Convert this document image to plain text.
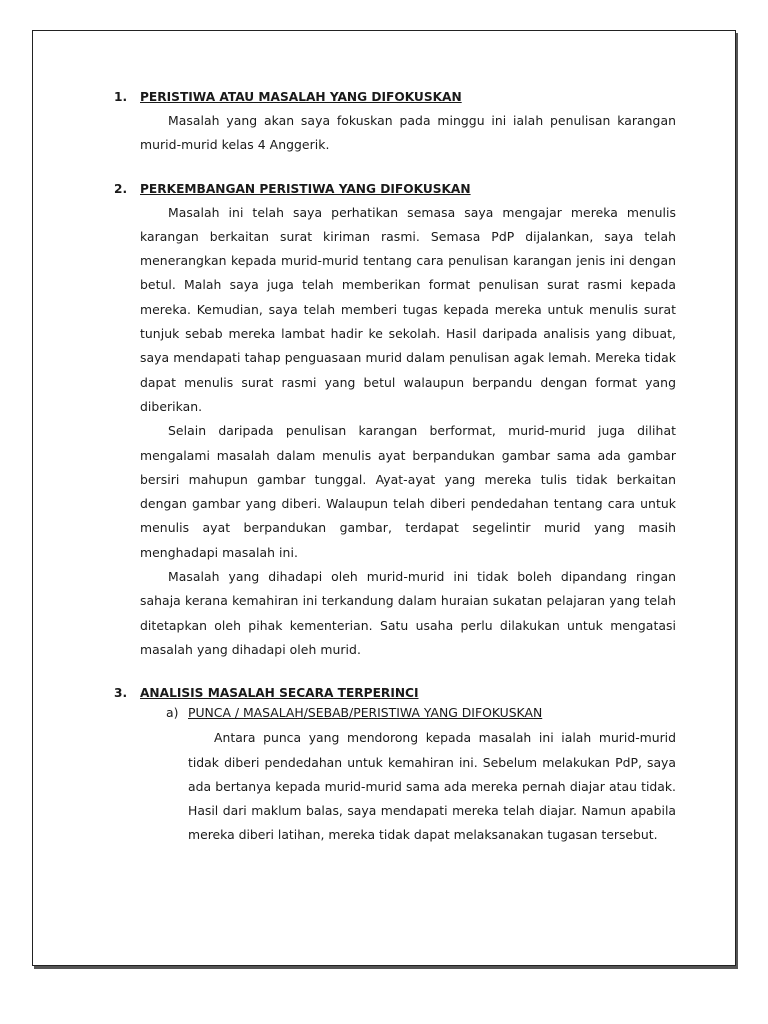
1.	PERISTIWA ATAU MASALAH YANG DIFOKUSKAN

Masalah yang akan saya fokuskan pada minggu ini ialah penulisan karangan murid-murid kelas 4 Anggerik.

2.	PERKEMBANGAN PERISTIWA YANG DIFOKUSKAN

Masalah ini telah saya perhatikan semasa saya mengajar mereka menulis karangan berkaitan surat kiriman rasmi. Semasa PdP dijalankan, saya telah menerangkan kepada murid-murid tentang cara penulisan karangan jenis ini dengan betul. Malah saya juga telah memberikan format penulisan surat rasmi kepada mereka. Kemudian, saya telah memberi tugas kepada mereka untuk menulis surat tunjuk sebab mereka lambat hadir ke sekolah. Hasil daripada analisis yang dibuat, saya mendapati tahap penguasaan murid dalam penulisan agak lemah. Mereka tidak dapat menulis surat rasmi yang betul walaupun berpandu dengan format yang diberikan.

Selain daripada penulisan karangan berformat, murid-murid juga dilihat mengalami masalah dalam menulis ayat berpandukan gambar sama ada gambar bersiri mahupun gambar tunggal. Ayat-ayat yang mereka tulis tidak berkaitan dengan gambar yang diberi. Walaupun telah diberi pendedahan tentang cara untuk menulis ayat berpandukan gambar, terdapat segelintir murid yang masih menghadapi masalah ini.

Masalah yang dihadapi oleh murid-murid ini tidak boleh dipandang ringan sahaja kerana kemahiran ini terkandung dalam huraian sukatan pelajaran yang telah ditetapkan oleh pihak kementerian. Satu usaha perlu dilakukan untuk mengatasi masalah yang dihadapi oleh murid.

3.	ANALISIS MASALAH SECARA TERPERINCI
a) PUNCA / MASALAH/SEBAB/PERISTIWA YANG DIFOKUSKAN

Antara punca yang mendorong kepada masalah ini ialah murid-murid tidak diberi pendedahan untuk kemahiran ini. Sebelum melakukan PdP, saya ada bertanya kepada murid-murid sama ada mereka pernah diajar atau tidak. Hasil dari maklum balas, saya mendapati mereka telah diajar. Namun apabila mereka diberi latihan, mereka tidak dapat melaksanakan tugasan tersebut.
